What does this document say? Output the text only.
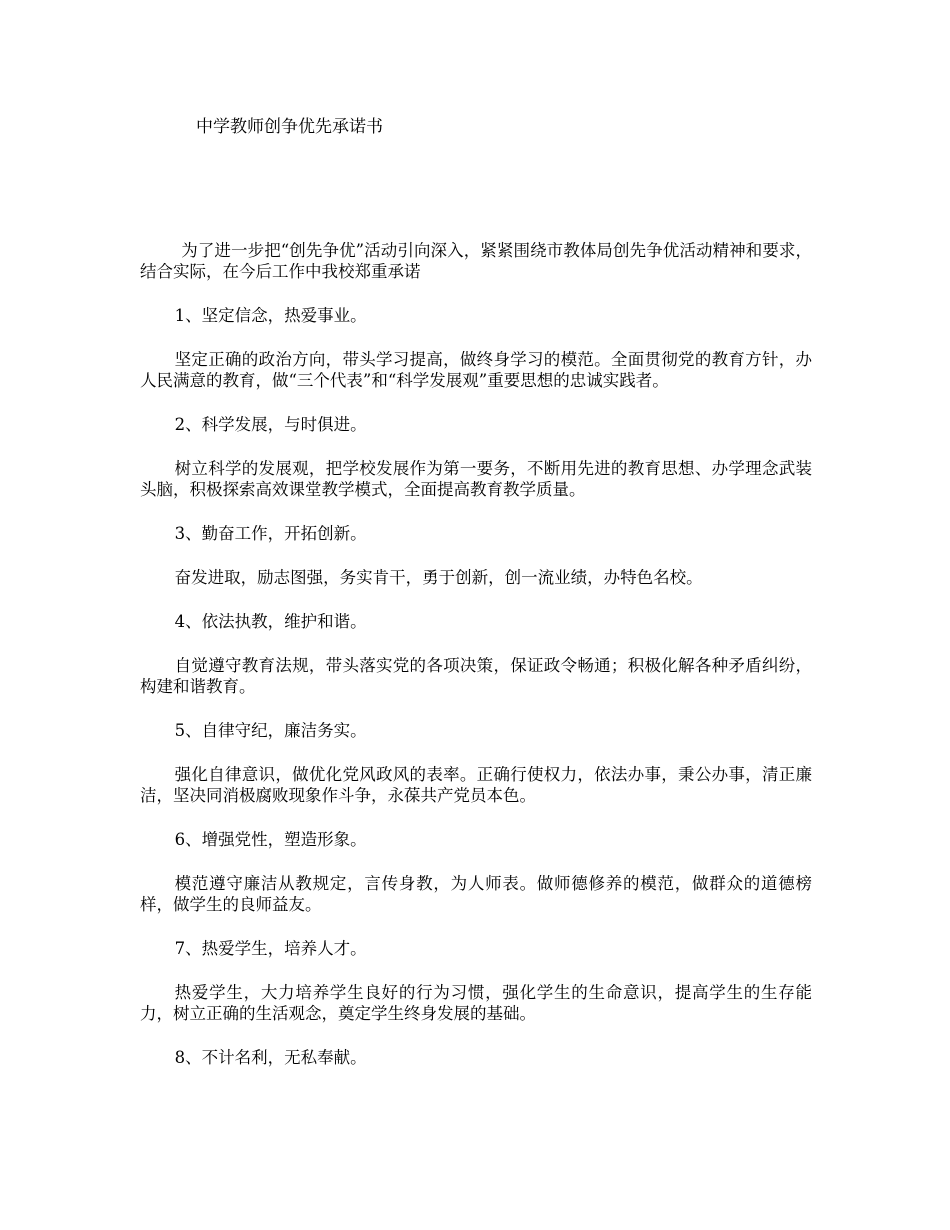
中学教师创争优先承诺书

为了进一步把“创先争优”活动引向深入，紧紧围绕市教体局创先争优活动精神和要求，结合实际，在今后工作中我校郑重承诺

1、坚定信念，热爱事业。

坚定正确的政治方向，带头学习提高，做终身学习的模范。全面贯彻党的教育方针，办人民满意的教育，做“三个代表”和“科学发展观”重要思想的忠诚实践者。

2、科学发展，与时俱进。

树立科学的发展观，把学校发展作为第一要务，不断用先进的教育思想、办学理念武装头脑，积极探索高效课堂教学模式，全面提高教育教学质量。

3、勤奋工作，开拓创新。

奋发进取，励志图强，务实肯干，勇于创新，创一流业绩，办特色名校。

4、依法执教，维护和谐。

自觉遵守教育法规，带头落实党的各项决策，保证政令畅通；积极化解各种矛盾纠纷，构建和谐教育。

5、自律守纪，廉洁务实。

强化自律意识，做优化党风政风的表率。正确行使权力，依法办事，秉公办事，清正廉洁，坚决同消极腐败现象作斗争，永葆共产党员本色。

6、增强党性，塑造形象。

模范遵守廉洁从教规定，言传身教，为人师表。做师德修养的模范，做群众的道德榜样，做学生的良师益友。

7、热爱学生，培养人才。

热爱学生，大力培养学生良好的行为习惯，强化学生的生命意识，提高学生的生存能力，树立正确的生活观念，奠定学生终身发展的基础。

8、不计名利，无私奉献。
